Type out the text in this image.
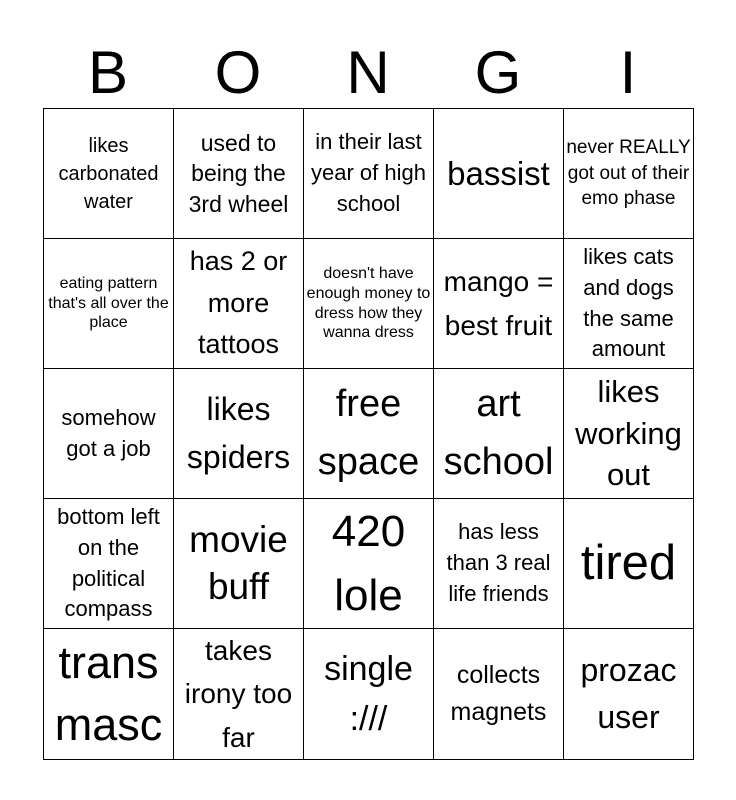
B	O	N	G	I
likes carbonated water	used to being the 3rd wheel	in their last year of high school	bassist	never REALLY got out of their emo phase
eating pattern that's all over the place	has 2 or more tattoos	doesn't have enough money to dress how they wanna dress	mango = best fruit	likes cats and dogs the same amount
somehow got a job	likes spiders	free space	art school	likes working out
bottom left on the political compass	movie buff	420 lole	has less than 3 real life friends	tired
trans masc	takes irony too far	single :///	collects magnets	prozac user
